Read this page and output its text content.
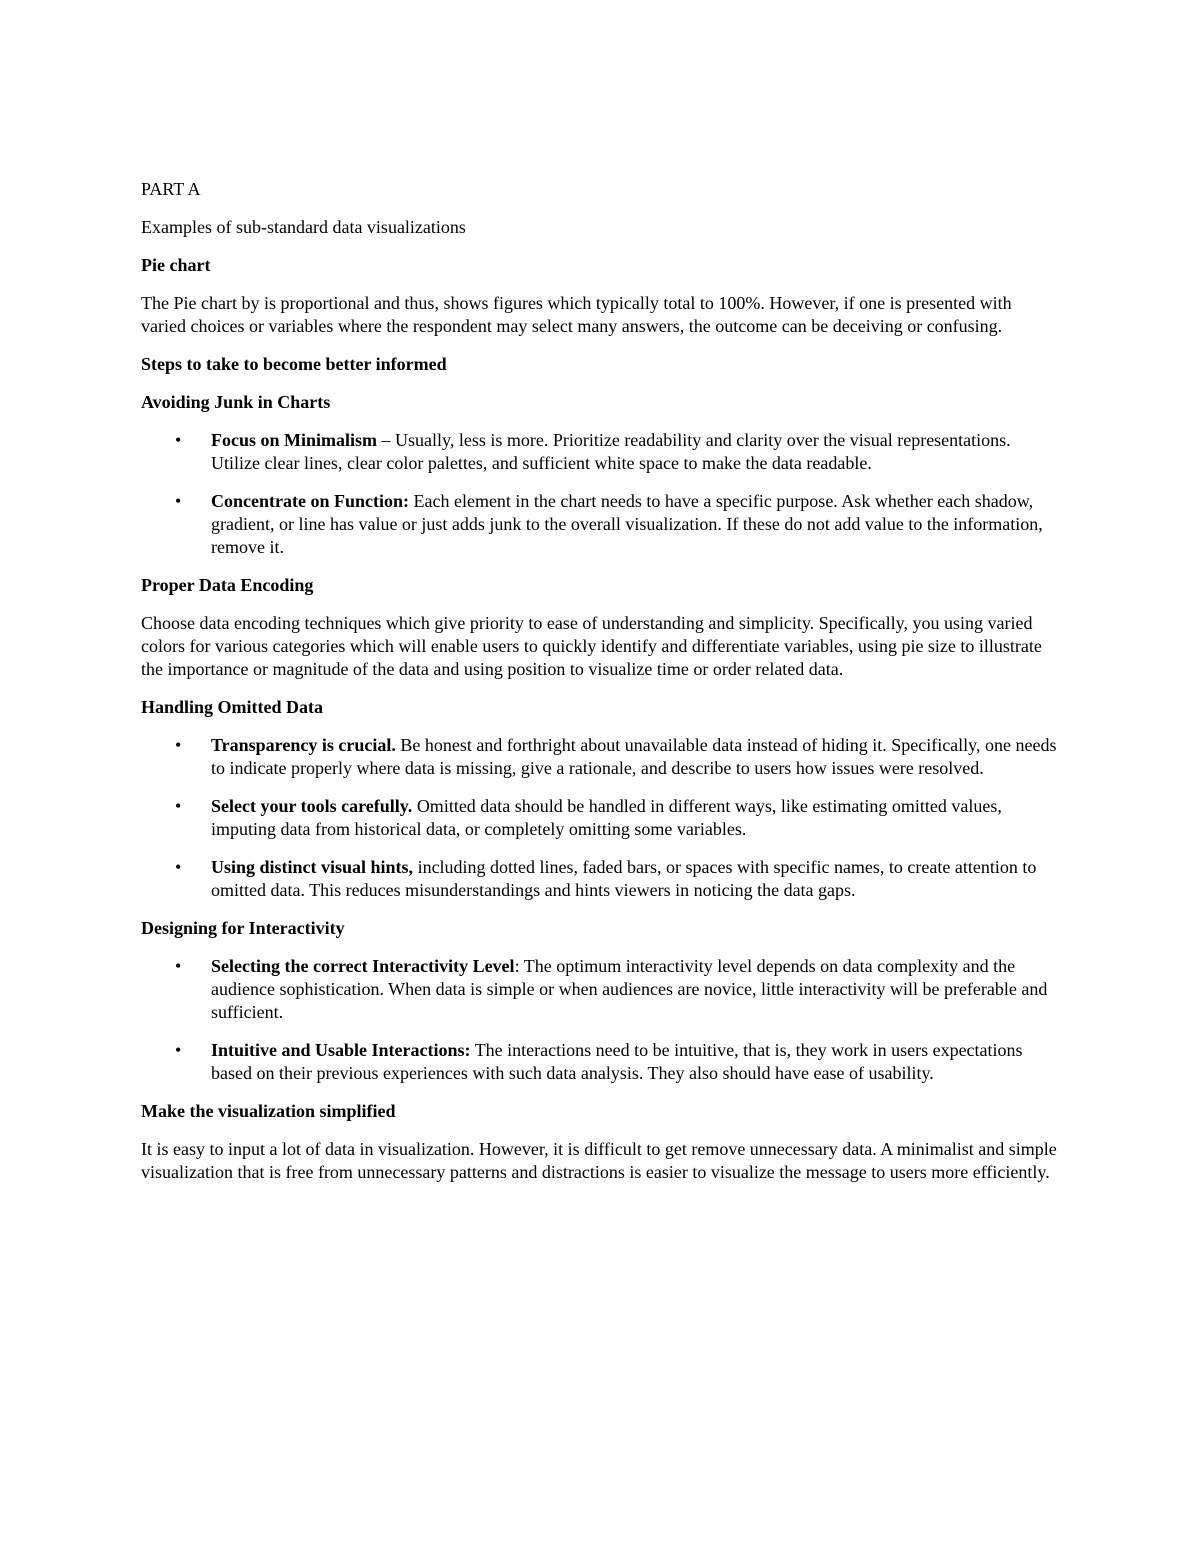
PART A

Examples of sub-standard data visualizations

Pie chart

The Pie chart by is proportional and thus, shows figures which typically total to 100%. However, if one is presented with varied choices or variables where the respondent may select many answers, the outcome can be deceiving or confusing.

Steps to take to become better informed

Avoiding Junk in Charts

• Focus on Minimalism – Usually, less is more. Prioritize readability and clarity over the visual representations. Utilize clear lines, clear color palettes, and sufficient white space to make the data readable.
• Concentrate on Function: Each element in the chart needs to have a specific purpose. Ask whether each shadow, gradient, or line has value or just adds junk to the overall visualization. If these do not add value to the information, remove it.

Proper Data Encoding

Choose data encoding techniques which give priority to ease of understanding and simplicity. Specifically, you using varied colors for various categories which will enable users to quickly identify and differentiate variables, using pie size to illustrate the importance or magnitude of the data and using position to visualize time or order related data.

Handling Omitted Data

• Transparency is crucial. Be honest and forthright about unavailable data instead of hiding it. Specifically, one needs to indicate properly where data is missing, give a rationale, and describe to users how issues were resolved.
• Select your tools carefully. Omitted data should be handled in different ways, like estimating omitted values, imputing data from historical data, or completely omitting some variables.
• Using distinct visual hints, including dotted lines, faded bars, or spaces with specific names, to create attention to omitted data. This reduces misunderstandings and hints viewers in noticing the data gaps.

Designing for Interactivity

• Selecting the correct Interactivity Level: The optimum interactivity level depends on data complexity and the audience sophistication. When data is simple or when audiences are novice, little interactivity will be preferable and sufficient.
• Intuitive and Usable Interactions: The interactions need to be intuitive, that is, they work in users expectations based on their previous experiences with such data analysis. They also should have ease of usability.

Make the visualization simplified

It is easy to input a lot of data in visualization. However, it is difficult to get remove unnecessary data. A minimalist and simple visualization that is free from unnecessary patterns and distractions is easier to visualize the message to users more efficiently.
